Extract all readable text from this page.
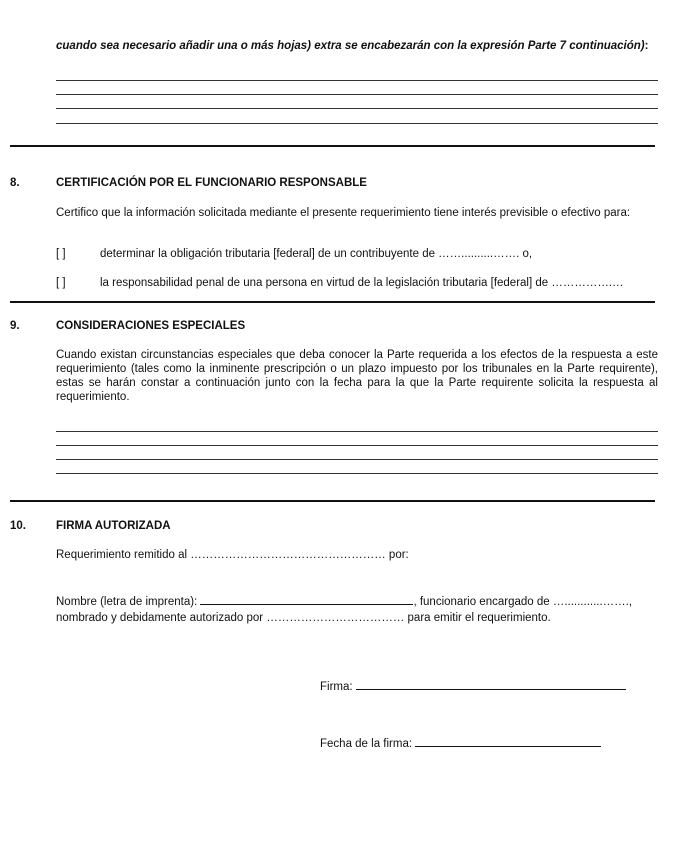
cuando sea necesario añadir una o más hojas) extra se encabezarán con la expresión Parte 7 continuación):
8.	CERTIFICACIÓN POR EL FUNCIONARIO RESPONSABLE
Certifico que la información solicitada mediante el presente requerimiento tiene interés previsible o efectivo para:
[ ]	determinar la obligación tributaria [federal] de un contribuyente de ……..........……. o,
[ ]	la responsabilidad penal de una persona en virtud de la legislación tributaria [federal] de …………….…
9.	CONSIDERACIONES ESPECIALES
Cuando existan circunstancias especiales que deba conocer la Parte requerida a los efectos de la respuesta a este requerimiento (tales como la inminente prescripción o un plazo impuesto por los tribunales en la Parte requirente), estas se harán constar a continuación junto con la fecha para la que la Parte requirente solicita la respuesta al requerimiento.
10.	FIRMA AUTORIZADA
Requerimiento remitido al …………………………………………… por:
Nombre (letra de imprenta):	, funcionario encargado de …............…….,
nombrado y debidamente autorizado por ……………………………… para emitir el requerimiento.
Firma:
Fecha de la firma:
